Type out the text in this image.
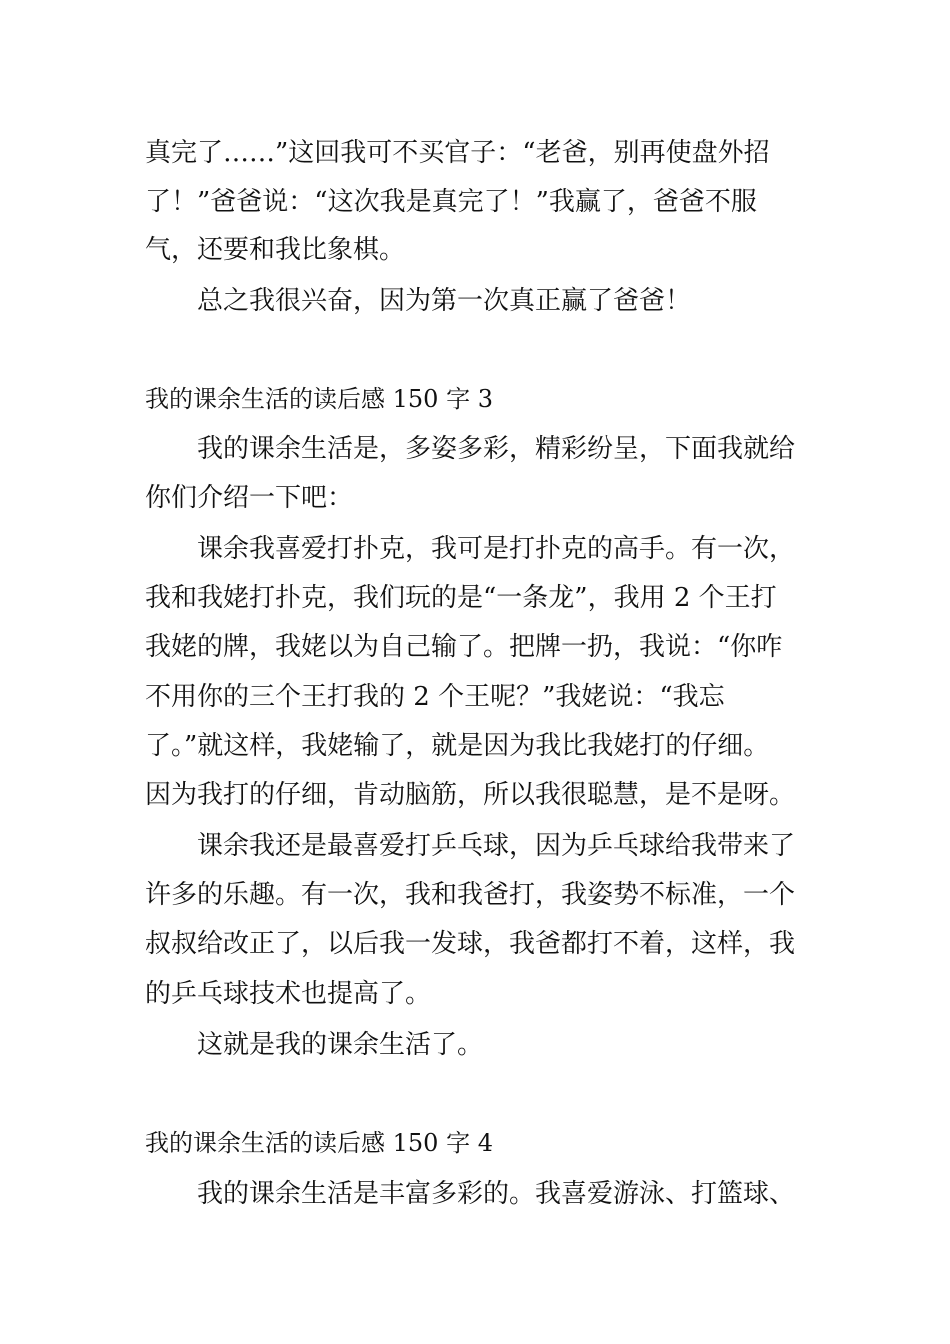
真完了……”这回我可不买官子：“老爸，别再使盘外招
了！”爸爸说：“这次我是真完了！”我赢了，爸爸不服
气，还要和我比象棋。
总之我很兴奋，因为第一次真正赢了爸爸！
我的课余生活的读后感 150 字 3
我的课余生活是，多姿多彩，精彩纷呈，下面我就给
你们介绍一下吧：
课余我喜爱打扑克，我可是打扑克的高手。有一次，
我和我姥打扑克，我们玩的是“一条龙”，我用 2 个王打
我姥的牌，我姥以为自己输了。把牌一扔，我说：“你咋
不用你的三个王打我的 2 个王呢？”我姥说：“我忘
了。”就这样，我姥输了，就是因为我比我姥打的仔细。
因为我打的仔细，肯动脑筋，所以我很聪慧，是不是呀。
课余我还是最喜爱打乒乓球，因为乒乓球给我带来了
许多的乐趣。有一次，我和我爸打，我姿势不标准，一个
叔叔给改正了，以后我一发球，我爸都打不着，这样，我
的乒乓球技术也提高了。
这就是我的课余生活了。
我的课余生活的读后感 150 字 4
我的课余生活是丰富多彩的。我喜爱游泳、打篮球、
